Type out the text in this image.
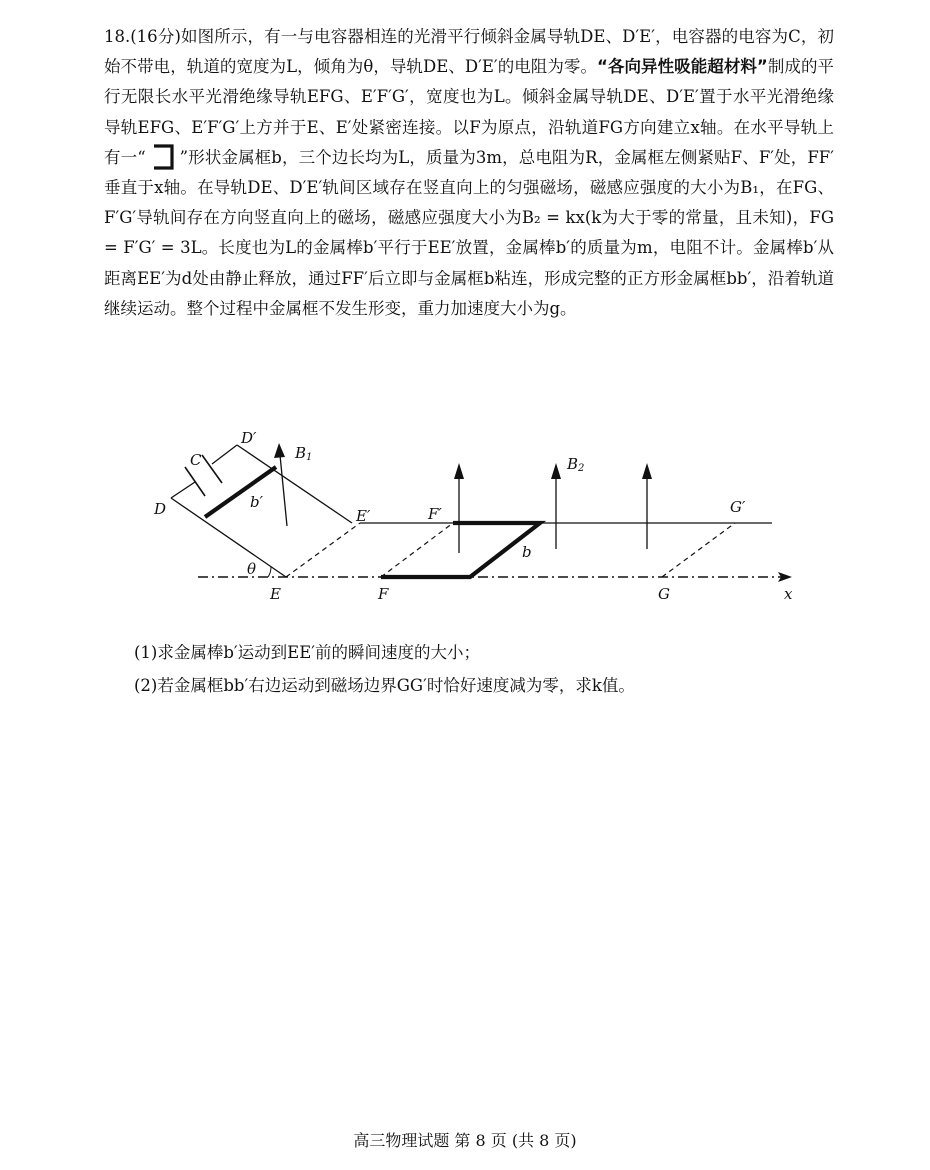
18.(16分)如图所示，有一与电容器相连的光滑平行倾斜金属导轨DE、D′E′，电容器的电容为C，初始不带电，轨道的宽度为L，倾角为θ，导轨DE、D′E′的电阻为零。“各向异性吸能超材料”制成的平行无限长水平光滑绝缘导轨EFG、E′F′G′，宽度也为L。倾斜金属导轨DE、D′E′置于水平光滑绝缘导轨EFG、E′F′G′上方并于E、E′处紧密连接。以F为原点，沿轨道FG方向建立x轴。在水平导轨上有一“ ”形状金属框b，三个边长均为L，质量为3m，总电阻为R，金属框左侧紧贴F、F′处，FF′垂直于x轴。在导轨DE、D′E′轨间区域存在竖直向上的匀强磁场，磁感应强度的大小为B₁，在FG、F′G′导轨间存在方向竖直向上的磁场，磁感应强度大小为B₂ = kx(k为大于零的常量，且未知)，FG = F′G′ = 3L。长度也为L的金属棒b′平行于EE′放置，金属棒b′的质量为m，电阻不计。金属棒b′从距离EE′为d处由静止释放，通过FF′后立即与金属框b粘连，形成完整的正方形金属框bb′，沿着轨道继续运动。整个过程中金属框不发生形变，重力加速度大小为g。

C
D′
B 1
D	b′
E′	F′
B 2
G′
b
θ
E	F	G	x
(1)求金属棒b′运动到EE′前的瞬间速度的大小；
(2)若金属框bb′右边运动到磁场边界GG′时恰好速度减为零，求k值。
高三物理试题 第 8 页 (共 8 页)
